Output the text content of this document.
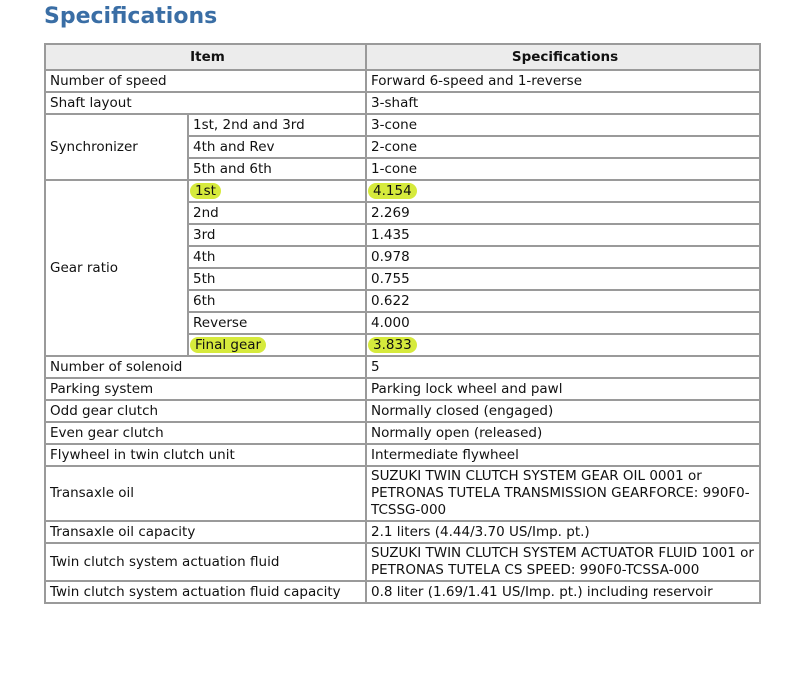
Specifications
Item		Specifications
Number of speed		Forward 6-speed and 1-reverse
Shaft layout		3-shaft
Synchronizer	1st, 2nd and 3rd	3-cone
	4th and Rev	2-cone
	5th and 6th	1-cone
Gear ratio	1st	4.154
	2nd	2.269
	3rd	1.435
	4th	0.978
	5th	0.755
	6th	0.622
	Reverse	4.000
	Final gear	3.833
Number of solenoid		5
Parking system		Parking lock wheel and pawl
Odd gear clutch		Normally closed (engaged)
Even gear clutch		Normally open (released)
Flywheel in twin clutch unit		Intermediate flywheel
Transaxle oil		SUZUKI TWIN CLUTCH SYSTEM GEAR OIL 0001 or PETRONAS TUTELA TRANSMISSION GEARFORCE: 990F0-TCSSG-000
Transaxle oil capacity		2.1 liters (4.44/3.70 US/Imp. pt.)
Twin clutch system actuation fluid		SUZUKI TWIN CLUTCH SYSTEM ACTUATOR FLUID 1001 or PETRONAS TUTELA CS SPEED: 990F0-TCSSA-000
Twin clutch system actuation fluid capacity		0.8 liter (1.69/1.41 US/Imp. pt.) including reservoir
